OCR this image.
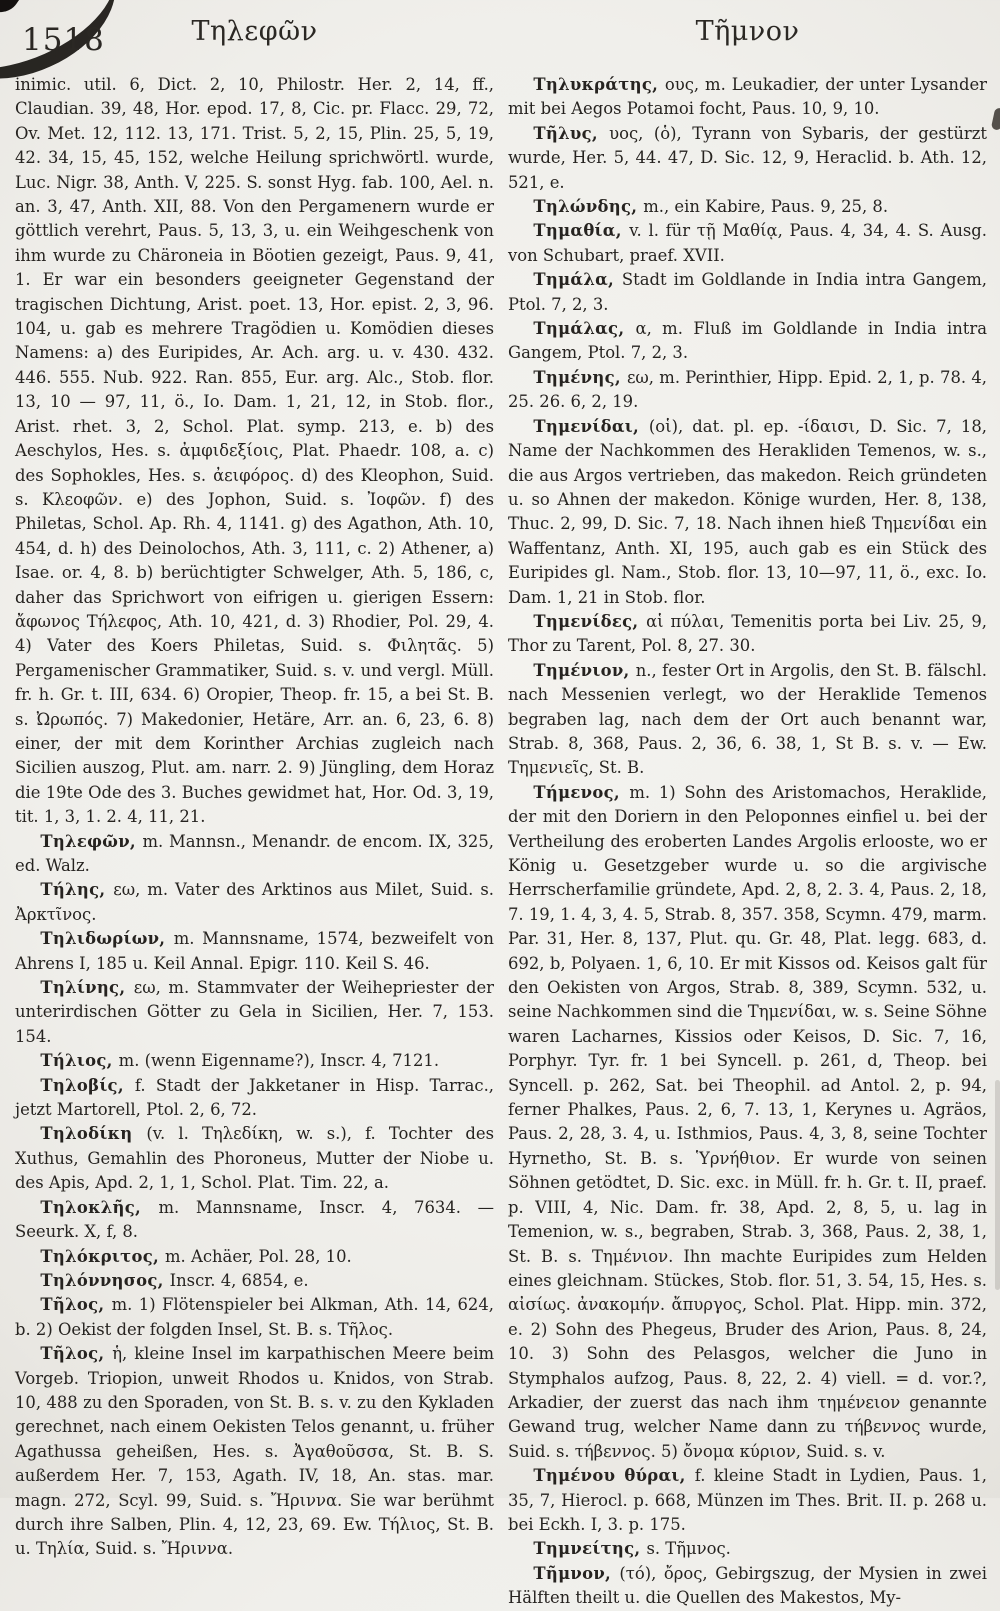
1518	Τηλεφῶν	Τῆμνον

inimic. util. 6, Dict. 2, 10, Philostr. Her. 2, 14, ff., Claudian. 39, 48, Hor. epod. 17, 8, Cic. pr. Flacc. 29, 72, Ov. Met. 12, 112. 13, 171. Trist. 5, 2, 15, Plin. 25, 5, 19, 42. 34, 15, 45, 152, welche Heilung sprichwörtl. wurde, Luc. Nigr. 38, Anth. V, 225. S. sonst Hyg. fab. 100, Ael. n. an. 3, 47, Anth. XII, 88. Von den Pergamenern wurde er göttlich verehrt, Paus. 5, 13, 3, u. ein Weihgeschenk von ihm wurde zu Chäroneia in Böotien gezeigt, Paus. 9, 41, 1. Er war ein besonders geeigneter Gegenstand der tragischen Dichtung, Arist. poet. 13, Hor. epist. 2, 3, 96. 104, u. gab es mehrere Tragödien u. Komödien dieses Namens: a) des Euripides, Ar. Ach. arg. u. v. 430. 432. 446. 555. Nub. 922. Ran. 855, Eur. arg. Alc., Stob. flor. 13, 10 — 97, 11, ö., Io. Dam. 1, 21, 12, in Stob. flor., Arist. rhet. 3, 2, Schol. Plat. symp. 213, e. b) des Aeschylos, Hes. s. ἀμφιδεξίοις, Plat. Phaedr. 108, a. c) des Sophokles, Hes. s. ἀειφόρος. d) des Kleophon, Suid. s. Κλεοφῶν. e) des Jophon, Suid. s. Ἰοφῶν. f) des Philetas, Schol. Ap. Rh. 4, 1141. g) des Agathon, Ath. 10, 454, d. h) des Deinolochos, Ath. 3, 111, c. 2) Athener, a) Isae. or. 4, 8. b) berüchtigter Schwelger, Ath. 5, 186, c, daher das Sprichwort von eifrigen u. gierigen Essern: ἄφωνος Τήλεφος, Ath. 10, 421, d. 3) Rhodier, Pol. 29, 4. 4) Vater des Koers Philetas, Suid. s. Φιλητᾶς. 5) Pergamenischer Grammatiker, Suid. s. v. und vergl. Müll. fr. h. Gr. t. III, 634. 6) Oropier, Theop. fr. 15, a bei St. B. s. Ὠρωπός. 7) Makedonier, Hetäre, Arr. an. 6, 23, 6. 8) einer, der mit dem Korinther Archias zugleich nach Sicilien auszog, Plut. am. narr. 2. 9) Jüngling, dem Horaz die 19te Ode des 3. Buches gewidmet hat, Hor. Od. 3, 19, tit. 1, 3, 1. 2. 4, 11, 21.

Τηλεφῶν, m. Mannsn., Menandr. de encom. IX, 325, ed. Walz.

Τήλης, εω, m. Vater des Arktinos aus Milet, Suid. s. Ἀρκτῖνος.

Τηλιδωρίων, m. Mannsname, 1574, bezweifelt von Ahrens I, 185 u. Keil Annal. Epigr. 110. Keil S. 46.

Τηλίνης, εω, m. Stammvater der Weihepriester der unterirdischen Götter zu Gela in Sicilien, Her. 7, 153. 154.

Τήλιος, m. (wenn Eigenname?), Inscr. 4, 7121.

Τηλοβίς, f. Stadt der Jakketaner in Hisp. Tarrac., jetzt Martorell, Ptol. 2, 6, 72.

Τηλοδίκη (v. l. Τηλεδίκη, w. s.), f. Tochter des Xuthus, Gemahlin des Phoroneus, Mutter der Niobe u. des Apis, Apd. 2, 1, 1, Schol. Plat. Tim. 22, a.

Τηλοκλῆς, m. Mannsname, Inscr. 4, 7634. — Seeurk. X, f, 8.

Τηλόκριτος, m. Achäer, Pol. 28, 10.

Τηλόννησος, Inscr. 4, 6854, e.

Τῆλος, m. 1) Flötenspieler bei Alkman, Ath. 14, 624, b. 2) Oekist der folgden Insel, St. B. s. Τῆλος.

Τῆλος, ἡ, kleine Insel im karpathischen Meere beim Vorgeb. Triopion, unweit Rhodos u. Knidos, von Strab. 10, 488 zu den Sporaden, von St. B. s. v. zu den Kykladen gerechnet, nach einem Oekisten Telos genannt, u. früher Agathussa geheißen, Hes. s. Ἀγαθοῦσσα, St. B. S. außerdem Her. 7, 153, Agath. IV, 18, An. stas. mar. magn. 272, Scyl. 99, Suid. s. Ἤριννα. Sie war berühmt durch ihre Salben, Plin. 4, 12, 23, 69. Ew. Τήλιος, St. B. u. Τηλία, Suid. s. Ἤριννα.

Τηλυκράτης, ους, m. Leukadier, der unter Lysander mit bei Aegos Potamoi focht, Paus. 10, 9, 10.

Τῆλυς, υος, (ὁ), Tyrann von Sybaris, der gestürzt wurde, Her. 5, 44. 47, D. Sic. 12, 9, Heraclid. b. Ath. 12, 521, e.

Τηλώνδης, m., ein Kabire, Paus. 9, 25, 8.

Τημαθία, v. l. für τῇ Μαθίᾳ, Paus. 4, 34, 4. S. Ausg. von Schubart, praef. XVII.

Τημάλα, Stadt im Goldlande in India intra Gangem, Ptol. 7, 2, 3.

Τημάλας, α, m. Fluß im Goldlande in India intra Gangem, Ptol. 7, 2, 3.

Τημένης, εω, m. Perinthier, Hipp. Epid. 2, 1, p. 78. 4, 25. 26. 6, 2, 19.

Τημενίδαι, (οἱ), dat. pl. ep. -ίδαισι, D. Sic. 7, 18, Name der Nachkommen des Herakliden Temenos, w. s., die aus Argos vertrieben, das makedon. Reich gründeten u. so Ahnen der makedon. Könige wurden, Her. 8, 138, Thuc. 2, 99, D. Sic. 7, 18. Nach ihnen hieß Τημενίδαι ein Waffentanz, Anth. XI, 195, auch gab es ein Stück des Euripides gl. Nam., Stob. flor. 13, 10—97, 11, ö., exc. Io. Dam. 1, 21 in Stob. flor.

Τημενίδες, αἱ πύλαι, Temenitis porta bei Liv. 25, 9, Thor zu Tarent, Pol. 8, 27. 30.

Τημένιον, n., fester Ort in Argolis, den St. B. fälschl. nach Messenien verlegt, wo der Heraklide Temenos begraben lag, nach dem der Ort auch benannt war, Strab. 8, 368, Paus. 2, 36, 6. 38, 1, St B. s. v. — Ew. Τημενιεῖς, St. B.

Τήμενος, m. 1) Sohn des Aristomachos, Heraklide, der mit den Doriern in den Peloponnes einfiel u. bei der Vertheilung des eroberten Landes Argolis erlooste, wo er König u. Gesetzgeber wurde u. so die argivische Herrscherfamilie gründete, Apd. 2, 8, 2. 3. 4, Paus. 2, 18, 7. 19, 1. 4, 3, 4. 5, Strab. 8, 357. 358, Scymn. 479, marm. Par. 31, Her. 8, 137, Plut. qu. Gr. 48, Plat. legg. 683, d. 692, b, Polyaen. 1, 6, 10. Er mit Kissos od. Keisos galt für den Oekisten von Argos, Strab. 8, 389, Scymn. 532, u. seine Nachkommen sind die Τημενίδαι, w. s. Seine Söhne waren Lacharnes, Kissios oder Keisos, D. Sic. 7, 16, Porphyr. Tyr. fr. 1 bei Syncell. p. 261, d, Theop. bei Syncell. p. 262, Sat. bei Theophil. ad Antol. 2, p. 94, ferner Phalkes, Paus. 2, 6, 7. 13, 1, Kerynes u. Agräos, Paus. 2, 28, 3. 4, u. Isthmios, Paus. 4, 3, 8, seine Tochter Hyrnetho, St. B. s. Ὑρνήθιον. Er wurde von seinen Söhnen getödtet, D. Sic. exc. in Müll. fr. h. Gr. t. II, praef. p. VIII, 4, Nic. Dam. fr. 38, Apd. 2, 8, 5, u. lag in Temenion, w. s., begraben, Strab. 3, 368, Paus. 2, 38, 1, St. B. s. Τημένιον. Ihn machte Euripides zum Helden eines gleichnam. Stückes, Stob. flor. 51, 3. 54, 15, Hes. s. αἰσίως. ἀνακομήν. ἄπυργος, Schol. Plat. Hipp. min. 372, e. 2) Sohn des Phegeus, Bruder des Arion, Paus. 8, 24, 10. 3) Sohn des Pelasgos, welcher die Juno in Stymphalos aufzog, Paus. 8, 22, 2. 4) viell. = d. vor.?, Arkadier, der zuerst das nach ihm τημένειον genannte Gewand trug, welcher Name dann zu τήβεννος wurde, Suid. s. τήβεννος. 5) ὄνομα κύριον, Suid. s. v.

Τημένου θύραι, f. kleine Stadt in Lydien, Paus. 1, 35, 7, Hierocl. p. 668, Münzen im Thes. Brit. II. p. 268 u. bei Eckh. I, 3. p. 175.

Τημνείτης, s. Τῆμνος.

Τῆμνον, (τό), ὄρος, Gebirgszug, der Mysien in zwei Hälften theilt u. die Quellen des Makestos, My-
